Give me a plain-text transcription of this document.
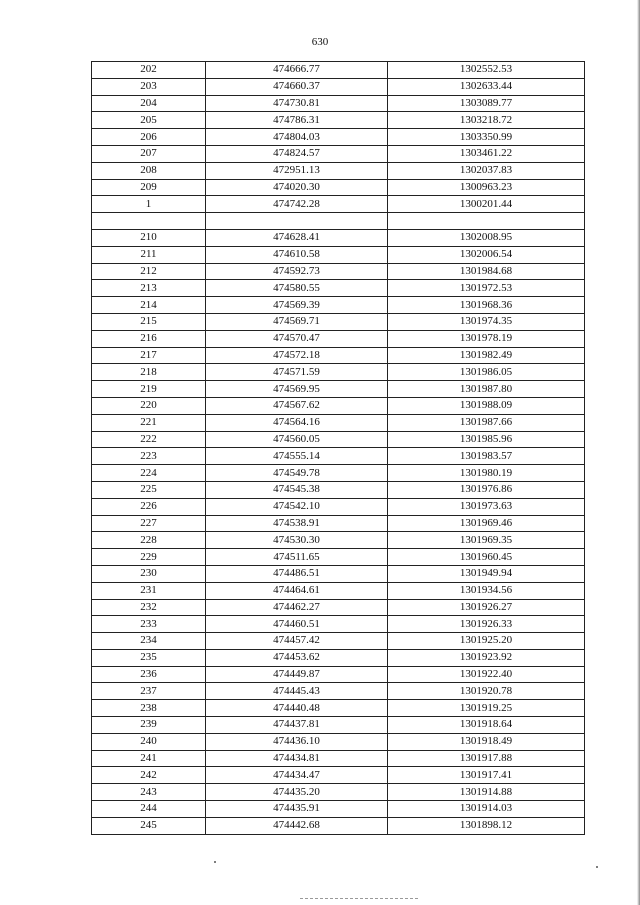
630
202	474666.77	1302552.53
203	474660.37	1302633.44
204	474730.81	1303089.77
205	474786.31	1303218.72
206	474804.03	1303350.99
207	474824.57	1303461.22
208	472951.13	1302037.83
209	474020.30	1300963.23
1	474742.28	1300201.44

210	474628.41	1302008.95
211	474610.58	1302006.54
212	474592.73	1301984.68
213	474580.55	1301972.53
214	474569.39	1301968.36
215	474569.71	1301974.35
216	474570.47	1301978.19
217	474572.18	1301982.49
218	474571.59	1301986.05
219	474569.95	1301987.80
220	474567.62	1301988.09
221	474564.16	1301987.66
222	474560.05	1301985.96
223	474555.14	1301983.57
224	474549.78	1301980.19
225	474545.38	1301976.86
226	474542.10	1301973.63
227	474538.91	1301969.46
228	474530.30	1301969.35
229	474511.65	1301960.45
230	474486.51	1301949.94
231	474464.61	1301934.56
232	474462.27	1301926.27
233	474460.51	1301926.33
234	474457.42	1301925.20
235	474453.62	1301923.92
236	474449.87	1301922.40
237	474445.43	1301920.78
238	474440.48	1301919.25
239	474437.81	1301918.64
240	474436.10	1301918.49
241	474434.81	1301917.88
242	474434.47	1301917.41
243	474435.20	1301914.88
244	474435.91	1301914.03
245	474442.68	1301898.12
